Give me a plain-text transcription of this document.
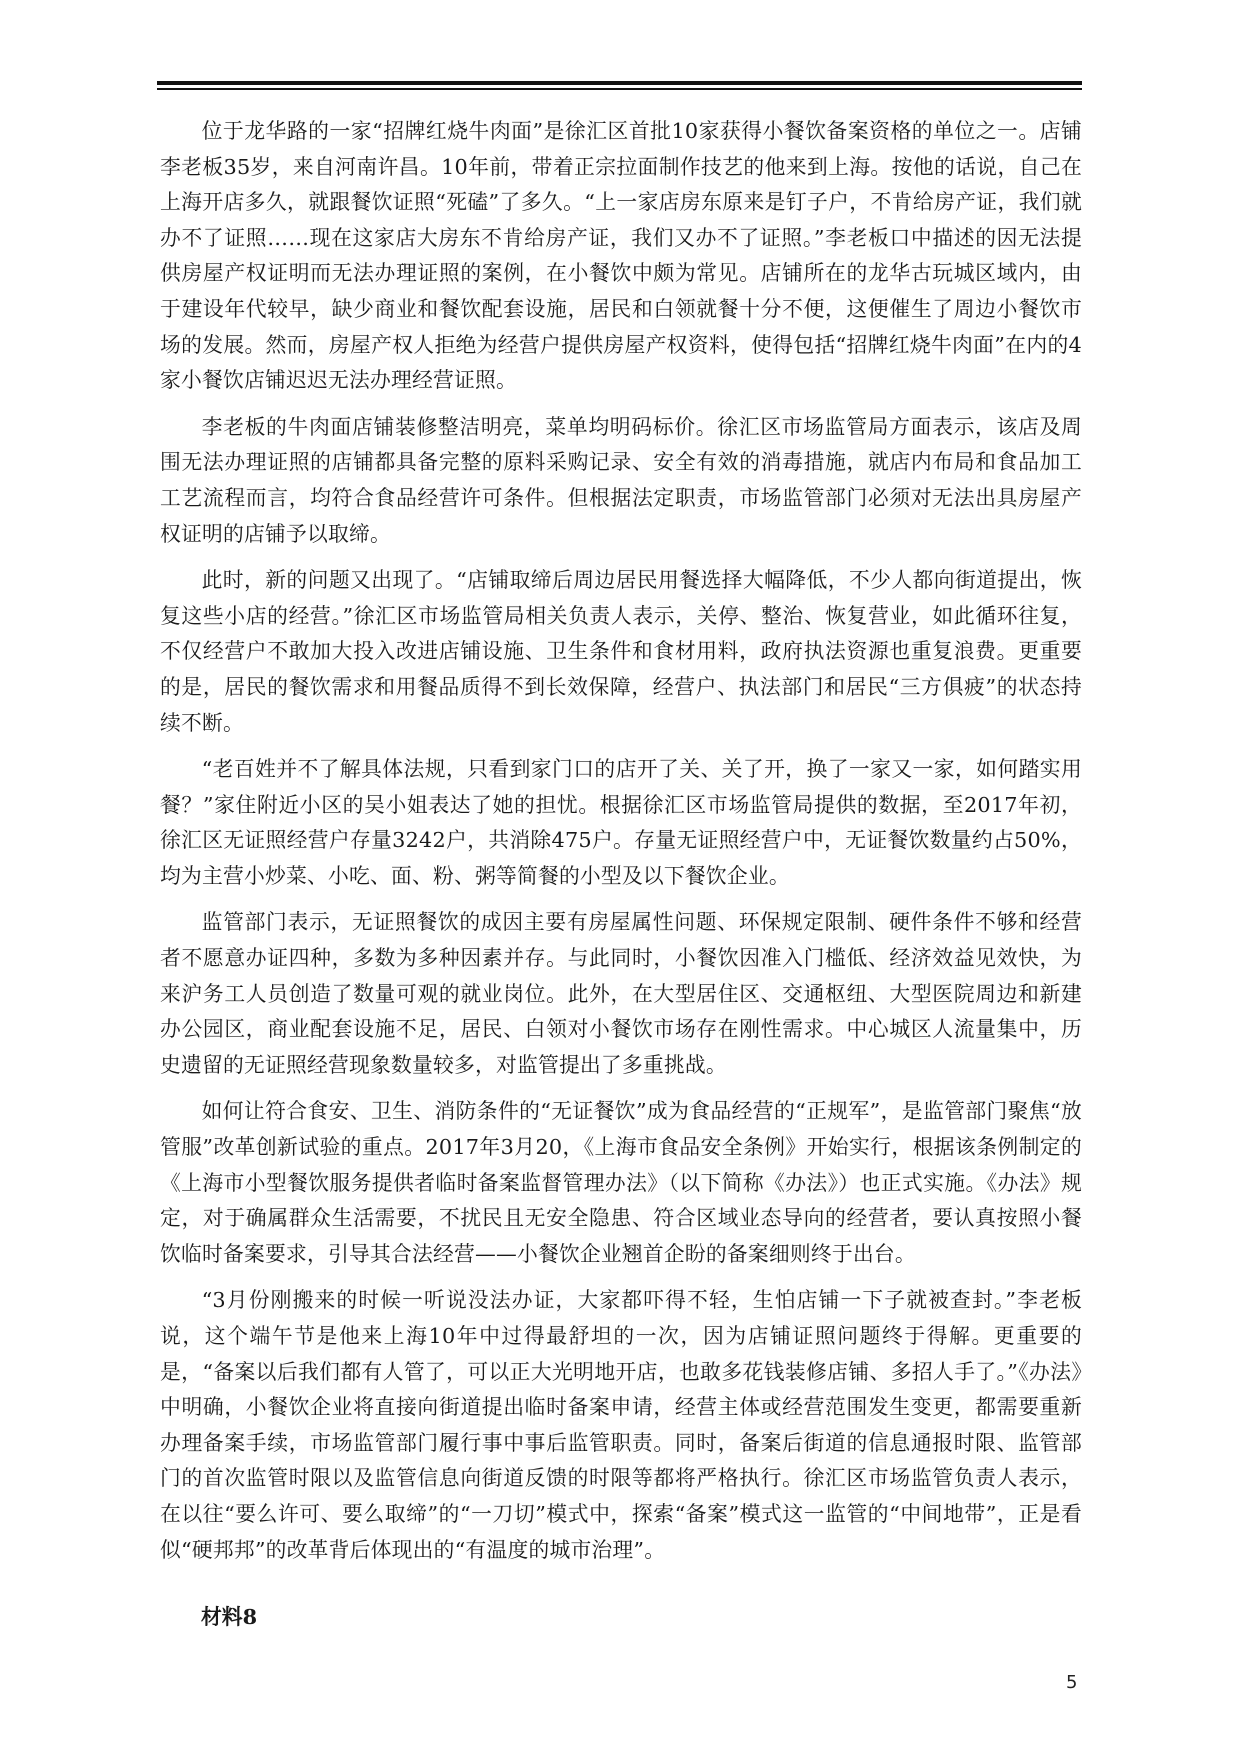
位于龙华路的一家“招牌红烧牛肉面”是徐汇区首批10家获得小餐饮备案资格的单位之一。店铺李老板35岁，来自河南许昌。10年前，带着正宗拉面制作技艺的他来到上海。按他的话说，自己在上海开店多久，就跟餐饮证照“死磕”了多久。“上一家店房东原来是钉子户，不肯给房产证，我们就办不了证照……现在这家店大房东不肯给房产证，我们又办不了证照。”李老板口中描述的因无法提供房屋产权证明而无法办理证照的案例，在小餐饮中颇为常见。店铺所在的龙华古玩城区域内，由于建设年代较早，缺少商业和餐饮配套设施，居民和白领就餐十分不便，这便催生了周边小餐饮市场的发展。然而，房屋产权人拒绝为经营户提供房屋产权资料，使得包括“招牌红烧牛肉面”在内的4家小餐饮店铺迟迟无法办理经营证照。

李老板的牛肉面店铺装修整洁明亮，菜单均明码标价。徐汇区市场监管局方面表示，该店及周围无法办理证照的店铺都具备完整的原料采购记录、安全有效的消毒措施，就店内布局和食品加工工艺流程而言，均符合食品经营许可条件。但根据法定职责，市场监管部门必须对无法出具房屋产权证明的店铺予以取缔。

此时，新的问题又出现了。“店铺取缔后周边居民用餐选择大幅降低，不少人都向街道提出，恢复这些小店的经营。”徐汇区市场监管局相关负责人表示，关停、整治、恢复营业，如此循环往复，不仅经营户不敢加大投入改进店铺设施、卫生条件和食材用料，政府执法资源也重复浪费。更重要的是，居民的餐饮需求和用餐品质得不到长效保障，经营户、执法部门和居民“三方俱疲”的状态持续不断。

“老百姓并不了解具体法规，只看到家门口的店开了关、关了开，换了一家又一家，如何踏实用餐？”家住附近小区的吴小姐表达了她的担忧。根据徐汇区市场监管局提供的数据，至2017年初，徐汇区无证照经营户存量3242户，共消除475户。存量无证照经营户中，无证餐饮数量约占50%，均为主营小炒菜、小吃、面、粉、粥等简餐的小型及以下餐饮企业。

监管部门表示，无证照餐饮的成因主要有房屋属性问题、环保规定限制、硬件条件不够和经营者不愿意办证四种，多数为多种因素并存。与此同时，小餐饮因准入门槛低、经济效益见效快，为来沪务工人员创造了数量可观的就业岗位。此外，在大型居住区、交通枢纽、大型医院周边和新建办公园区，商业配套设施不足，居民、白领对小餐饮市场存在刚性需求。中心城区人流量集中，历史遗留的无证照经营现象数量较多，对监管提出了多重挑战。

如何让符合食安、卫生、消防条件的“无证餐饮”成为食品经营的“正规军”，是监管部门聚焦“放管服”改革创新试验的重点。2017年3月20，《上海市食品安全条例》开始实行，根据该条例制定的《上海市小型餐饮服务提供者临时备案监督管理办法》（以下简称《办法》）也正式实施。《办法》规定，对于确属群众生活需要，不扰民且无安全隐患、符合区域业态导向的经营者，要认真按照小餐饮临时备案要求，引导其合法经营——小餐饮企业翘首企盼的备案细则终于出台。

“3月份刚搬来的时候一听说没法办证，大家都吓得不轻，生怕店铺一下子就被查封。”李老板说，这个端午节是他来上海10年中过得最舒坦的一次，因为店铺证照问题终于得解。更重要的是，“备案以后我们都有人管了，可以正大光明地开店，也敢多花钱装修店铺、多招人手了。”《办法》中明确，小餐饮企业将直接向街道提出临时备案申请，经营主体或经营范围发生变更，都需要重新办理备案手续，市场监管部门履行事中事后监管职责。同时，备案后街道的信息通报时限、监管部门的首次监管时限以及监管信息向街道反馈的时限等都将严格执行。徐汇区市场监管负责人表示，在以往“要么许可、要么取缔”的“一刀切”模式中，探索“备案”模式这一监管的“中间地带”，正是看似“硬邦邦”的改革背后体现出的“有温度的城市治理”。

材料8
5
